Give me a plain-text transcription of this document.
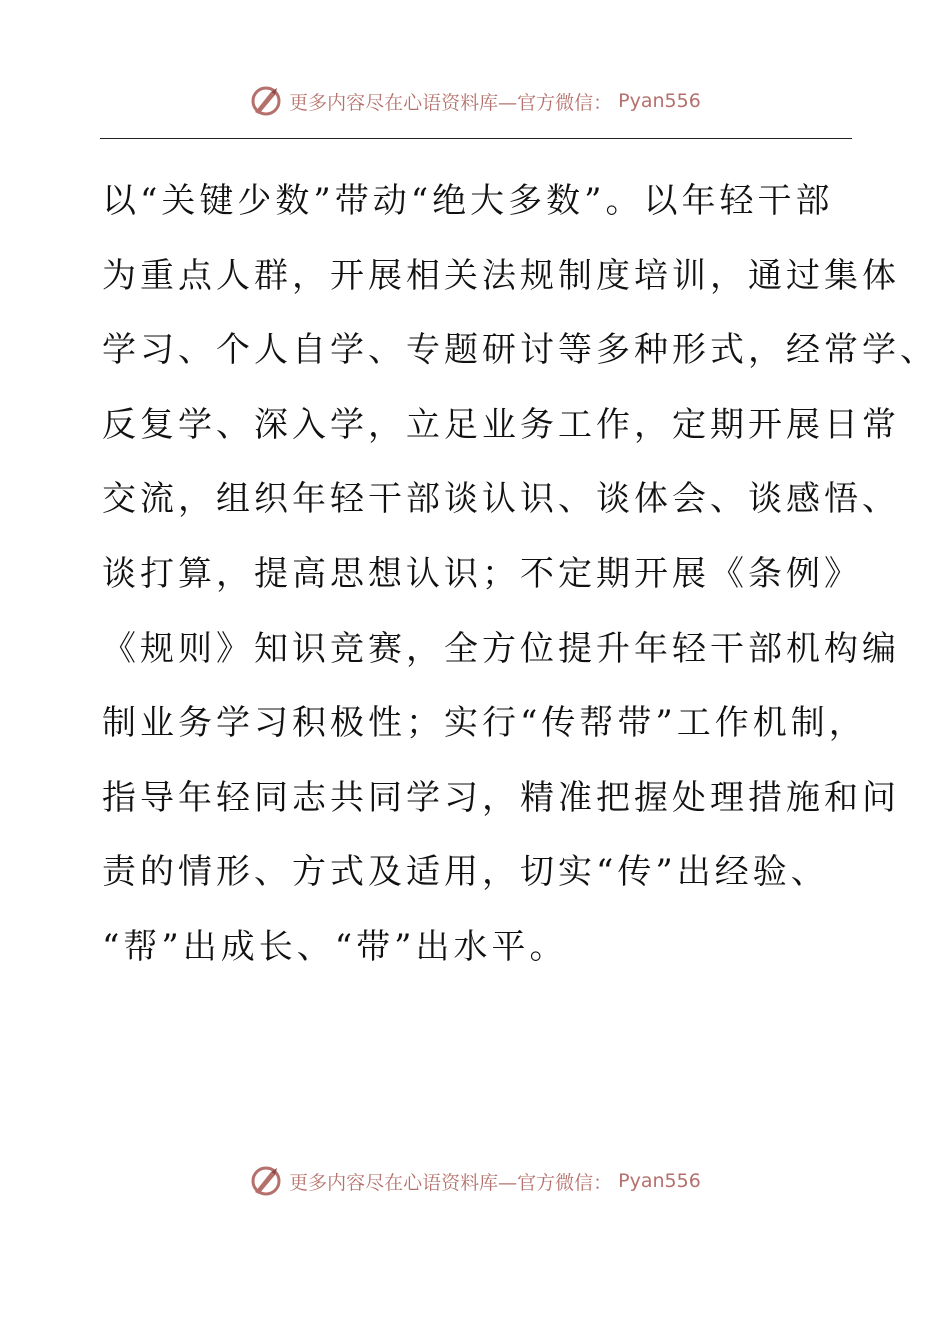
更多内容尽在心语资料库—官方微信： Pyan556
以“关键少数”带动“绝大多数”。以年轻干部
为重点人群，开展相关法规制度培训，通过集体
学习、个人自学、专题研讨等多种形式，经常学、
反复学、深入学，立足业务工作，定期开展日常
交流，组织年轻干部谈认识、谈体会、谈感悟、
谈打算，提高思想认识；不定期开展《条例》
《规则》知识竞赛，全方位提升年轻干部机构编
制业务学习积极性；实行“传帮带”工作机制，
指导年轻同志共同学习，精准把握处理措施和问
责的情形、方式及适用，切实“传”出经验、
“帮”出成长、“带”出水平。
更多内容尽在心语资料库—官方微信： Pyan556
